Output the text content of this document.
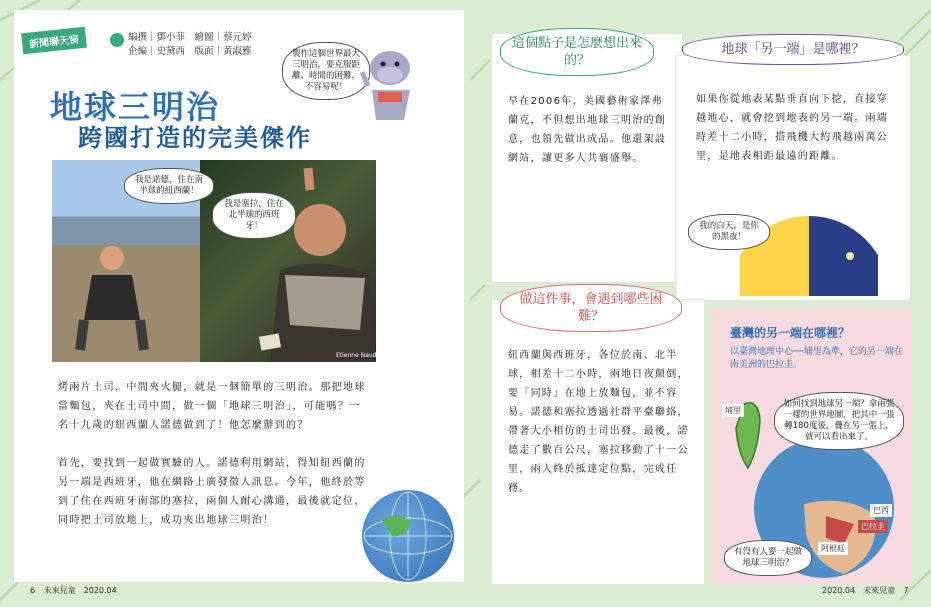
新聞聯天窗	編撰｜鄧小菲　繪圖｜蔡元婷
企編｜史黛西　版面｜黃淑雅	製作這個世界最大三明治，要克服距離、時間的困難，不容易呢！
地球三明治
跨國打造的完美傑作
我是諾德，住在南半球的紐西蘭！
我是塞拉，住在北半球的西班牙！
Etienne Naude提供
烤兩片土司，中間夾火腿，就是一個簡單的三明治。那把地球當麵包，夾在土司中間，做一個「地球三明治」，可能嗎？一名十九歲的紐西蘭人諾德做到了！他怎麼辦到的？
首先，要找到一起做實驗的人。諾德利用網站，得知紐西蘭的另一端是西班牙，他在網路上廣發徵人訊息。今年，他終於等到了住在西班牙南部的塞拉，兩個人耐心溝通，最後就定位，同時把土司放地上，成功夾出地球三明治！
6 未來兒童　2020.04
這個點子是怎麼想出來的？
早在2006年，美國藝術家澤弗蘭克，不但想出地球三明治的創意，也領先做出成品。他還架設網站，讓更多人共襄盛舉。
地球「另一端」是哪裡？
如果你從地表某點垂直向下挖，直接穿越地心，就會挖到地表的另一端。兩端時差十二小時，搭飛機大約飛越兩萬公里，是地表相距最遠的距離。
我的白天，是你的黑夜！
做這件事，會遇到哪些困難？
紐西蘭與西班牙，各位於南、北半球，相差十二小時，兩地日夜顛倒，要「同時」在地上放麵包，並不容易。諾德和塞拉透過社群平臺聯絡，帶著大小相仿的土司出發。最後，諾德走了數百公尺，塞拉移動了十一公里，兩人終於抵達定位點，完成任務。
臺灣的另一端在哪裡？
以臺灣地理中心──埔里為準，它的另一端在南美洲的巴拉圭。
埔里
如何找到地球另一端？拿兩張一樣的世界地圖，把其中一張轉180度後，疊在另一張上，就可以看出來了。
巴西
巴拉圭
阿根廷
有沒有人要一起做地球三明治？
2020.04　未來兒童 7
